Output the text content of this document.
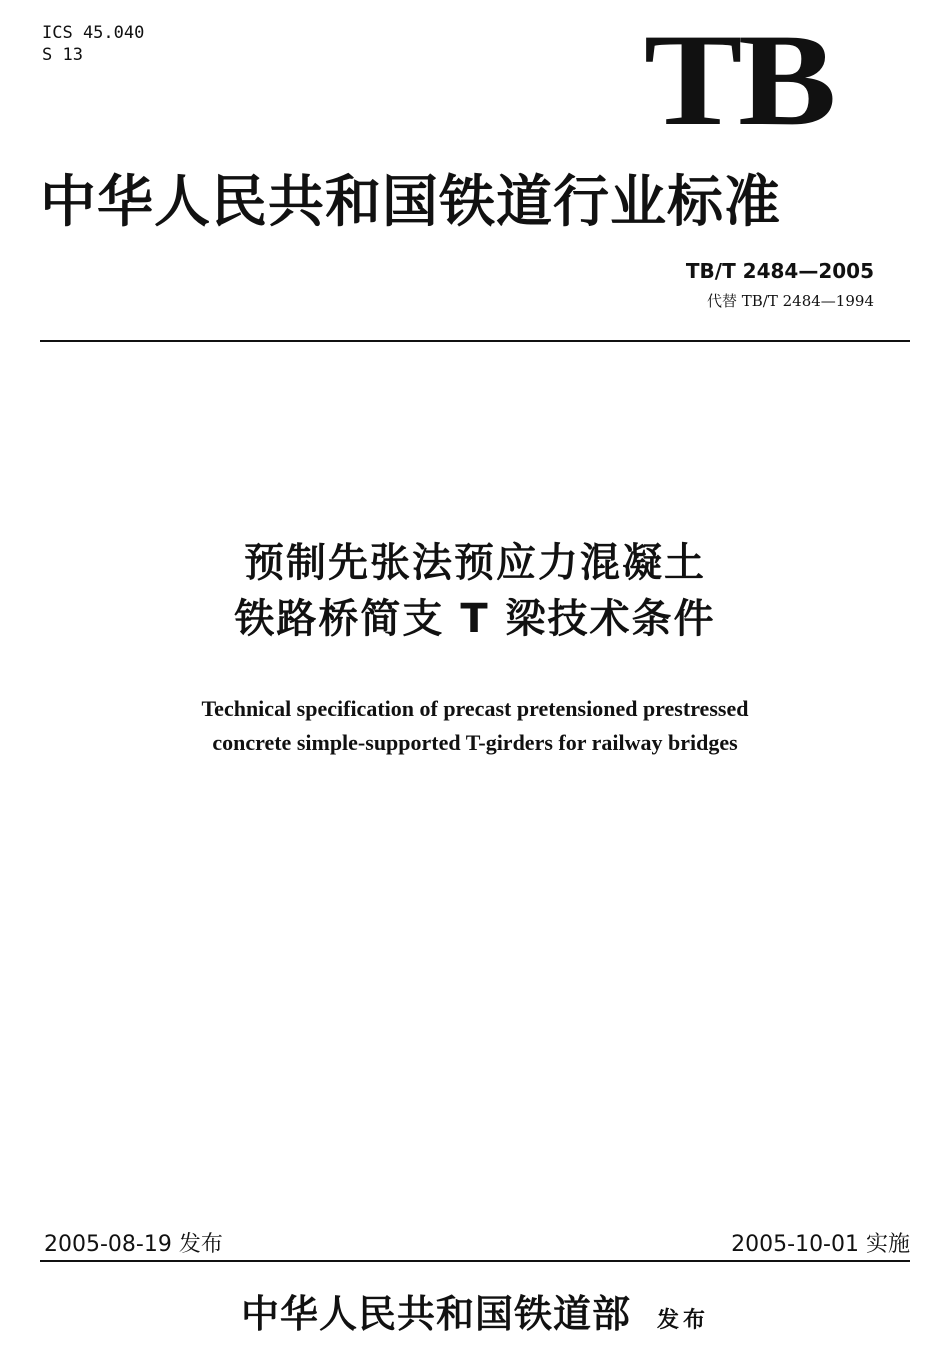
ICS 45.040
S 13	TB
中华人民共和国铁道行业标准
TB/T 2484—2005
代替 TB/T 2484—1994
预制先张法预应力混凝土
铁路桥简支 T 梁技术条件
Technical specification of precast pretensioned prestressed
concrete simple-supported T-girders for railway bridges
2005-08-19 发布	2005-10-01 实施
中华人民共和国铁道部 发布
